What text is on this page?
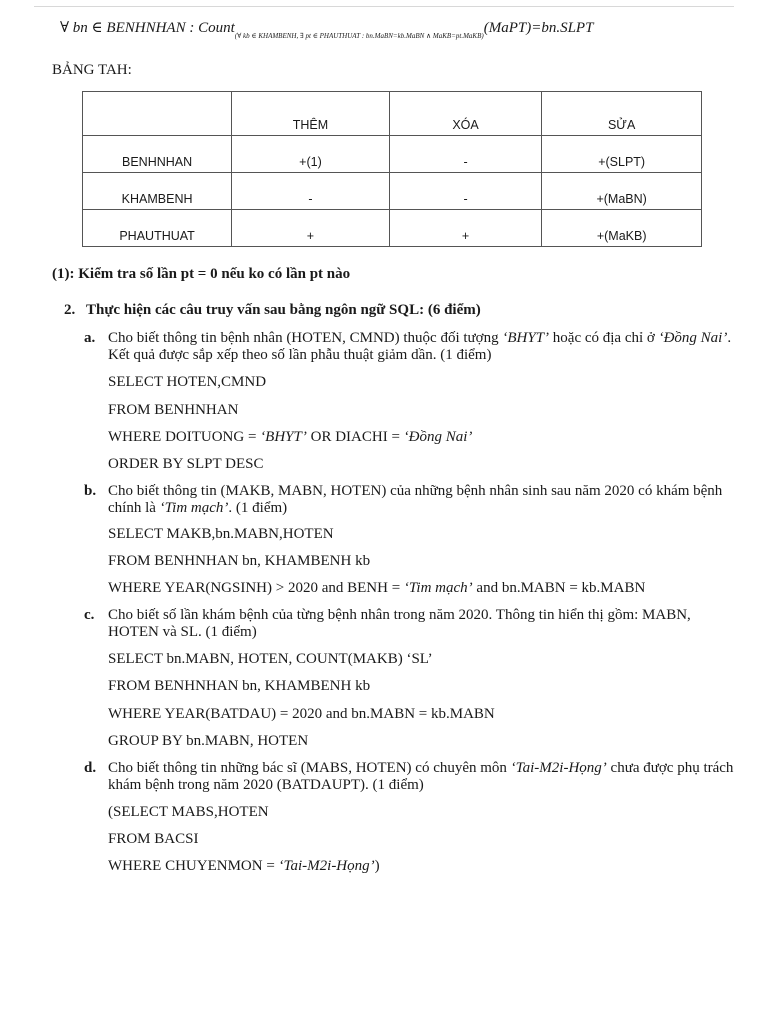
∀ bn ∈ BENHNHAN : Count$_{(\forall kb \in KHAMBENH, \exists pt \in PHAUTHUAT : bn.MaBN=kb.MaBN \wedge MaKB=pt.MaKB)}$(MaPT)=bn.SLPT
BẢNG TAH:
	THÊM	XÓA	SỬA
BENHNHAN	+(1)	-	+(SLPT)
KHAMBENH	-	-	+(MaBN)
PHAUTHUAT	+	+	+(MaKB)
(1): Kiểm tra số lần pt = 0 nếu ko có lần pt nào
2. Thực hiện các câu truy vấn sau bằng ngôn ngữ SQL: (6 điểm)
a. Cho biết thông tin bệnh nhân (HOTEN, CMND) thuộc đối tượng ‘BHYT’ hoặc có địa chỉ ở ‘Đồng Nai’. Kết quả được sắp xếp theo số lần phẫu thuật giảm dần. (1 điểm)
SELECT HOTEN,CMND
FROM BENHNHAN
WHERE DOITUONG = ‘BHYT’ OR DIACHI = ‘Đồng Nai’
ORDER BY SLPT DESC
b. Cho biết thông tin (MAKB, MABN, HOTEN) của những bệnh nhân sinh sau năm 2020 có khám bệnh chính là ‘Tim mạch’. (1 điểm)
SELECT MAKB,bn.MABN,HOTEN
FROM BENHNHAN bn, KHAMBENH kb
WHERE YEAR(NGSINH) > 2020 and BENH = ‘Tim mạch’ and bn.MABN = kb.MABN
c. Cho biết số lần khám bệnh của từng bệnh nhân trong năm 2020. Thông tin hiển thị gồm: MABN, HOTEN và SL. (1 điểm)
SELECT bn.MABN, HOTEN, COUNT(MAKB) ‘SL’
FROM BENHNHAN bn, KHAMBENH kb
WHERE YEAR(BATDAU) = 2020 and bn.MABN = kb.MABN
GROUP BY bn.MABN, HOTEN
d. Cho biết thông tin những bác sĩ (MABS, HOTEN) có chuyên môn ‘Tai-M2i-Họng’ chưa được phụ trách khám bệnh trong năm 2020 (BATDAUPT). (1 điểm)
(SELECT MABS,HOTEN
FROM BACSI
WHERE CHUYENMON = ‘Tai-M2i-Họng’)
